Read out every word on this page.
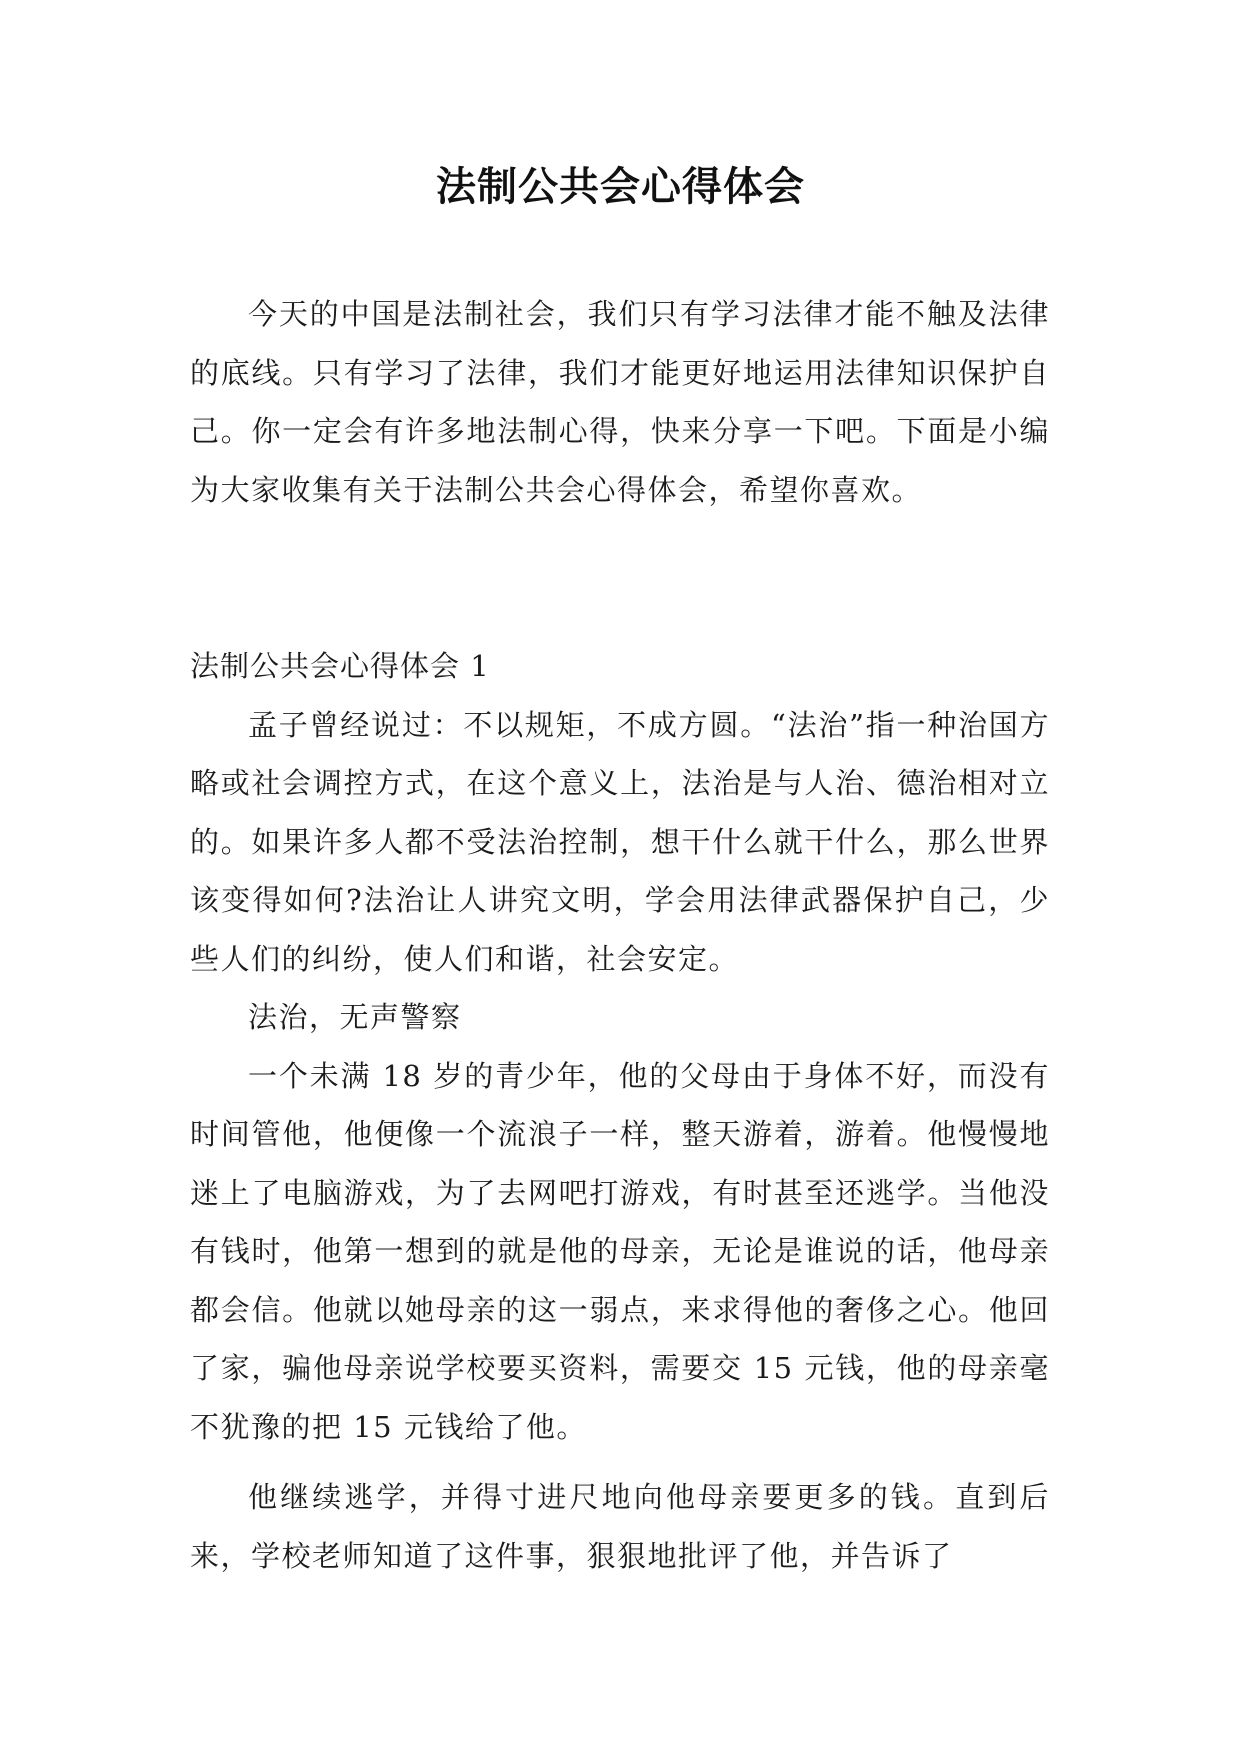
法制公共会心得体会

今天的中国是法制社会，我们只有学习法律才能不触及法律的底线。只有学习了法律，我们才能更好地运用法律知识保护自己。你一定会有许多地法制心得，快来分享一下吧。下面是小编为大家收集有关于法制公共会心得体会，希望你喜欢。

法制公共会心得体会 1

孟子曾经说过：不以规矩，不成方圆。“法治”指一种治国方略或社会调控方式，在这个意义上，法治是与人治、德治相对立的。如果许多人都不受法治控制，想干什么就干什么，那么世界该变得如何?法治让人讲究文明，学会用法律武器保护自己，少些人们的纠纷，使人们和谐，社会安定。

法治，无声警察

一个未满 18 岁的青少年，他的父母由于身体不好，而没有时间管他，他便像一个流浪子一样，整天游着，游着。他慢慢地迷上了电脑游戏，为了去网吧打游戏，有时甚至还逃学。当他没有钱时，他第一想到的就是他的母亲，无论是谁说的话，他母亲都会信。他就以她母亲的这一弱点，来求得他的奢侈之心。他回了家，骗他母亲说学校要买资料，需要交 15 元钱，他的母亲毫不犹豫的把 15 元钱给了他。

他继续逃学，并得寸进尺地向他母亲要更多的钱。直到后来，学校老师知道了这件事，狠狠地批评了他，并告诉了
